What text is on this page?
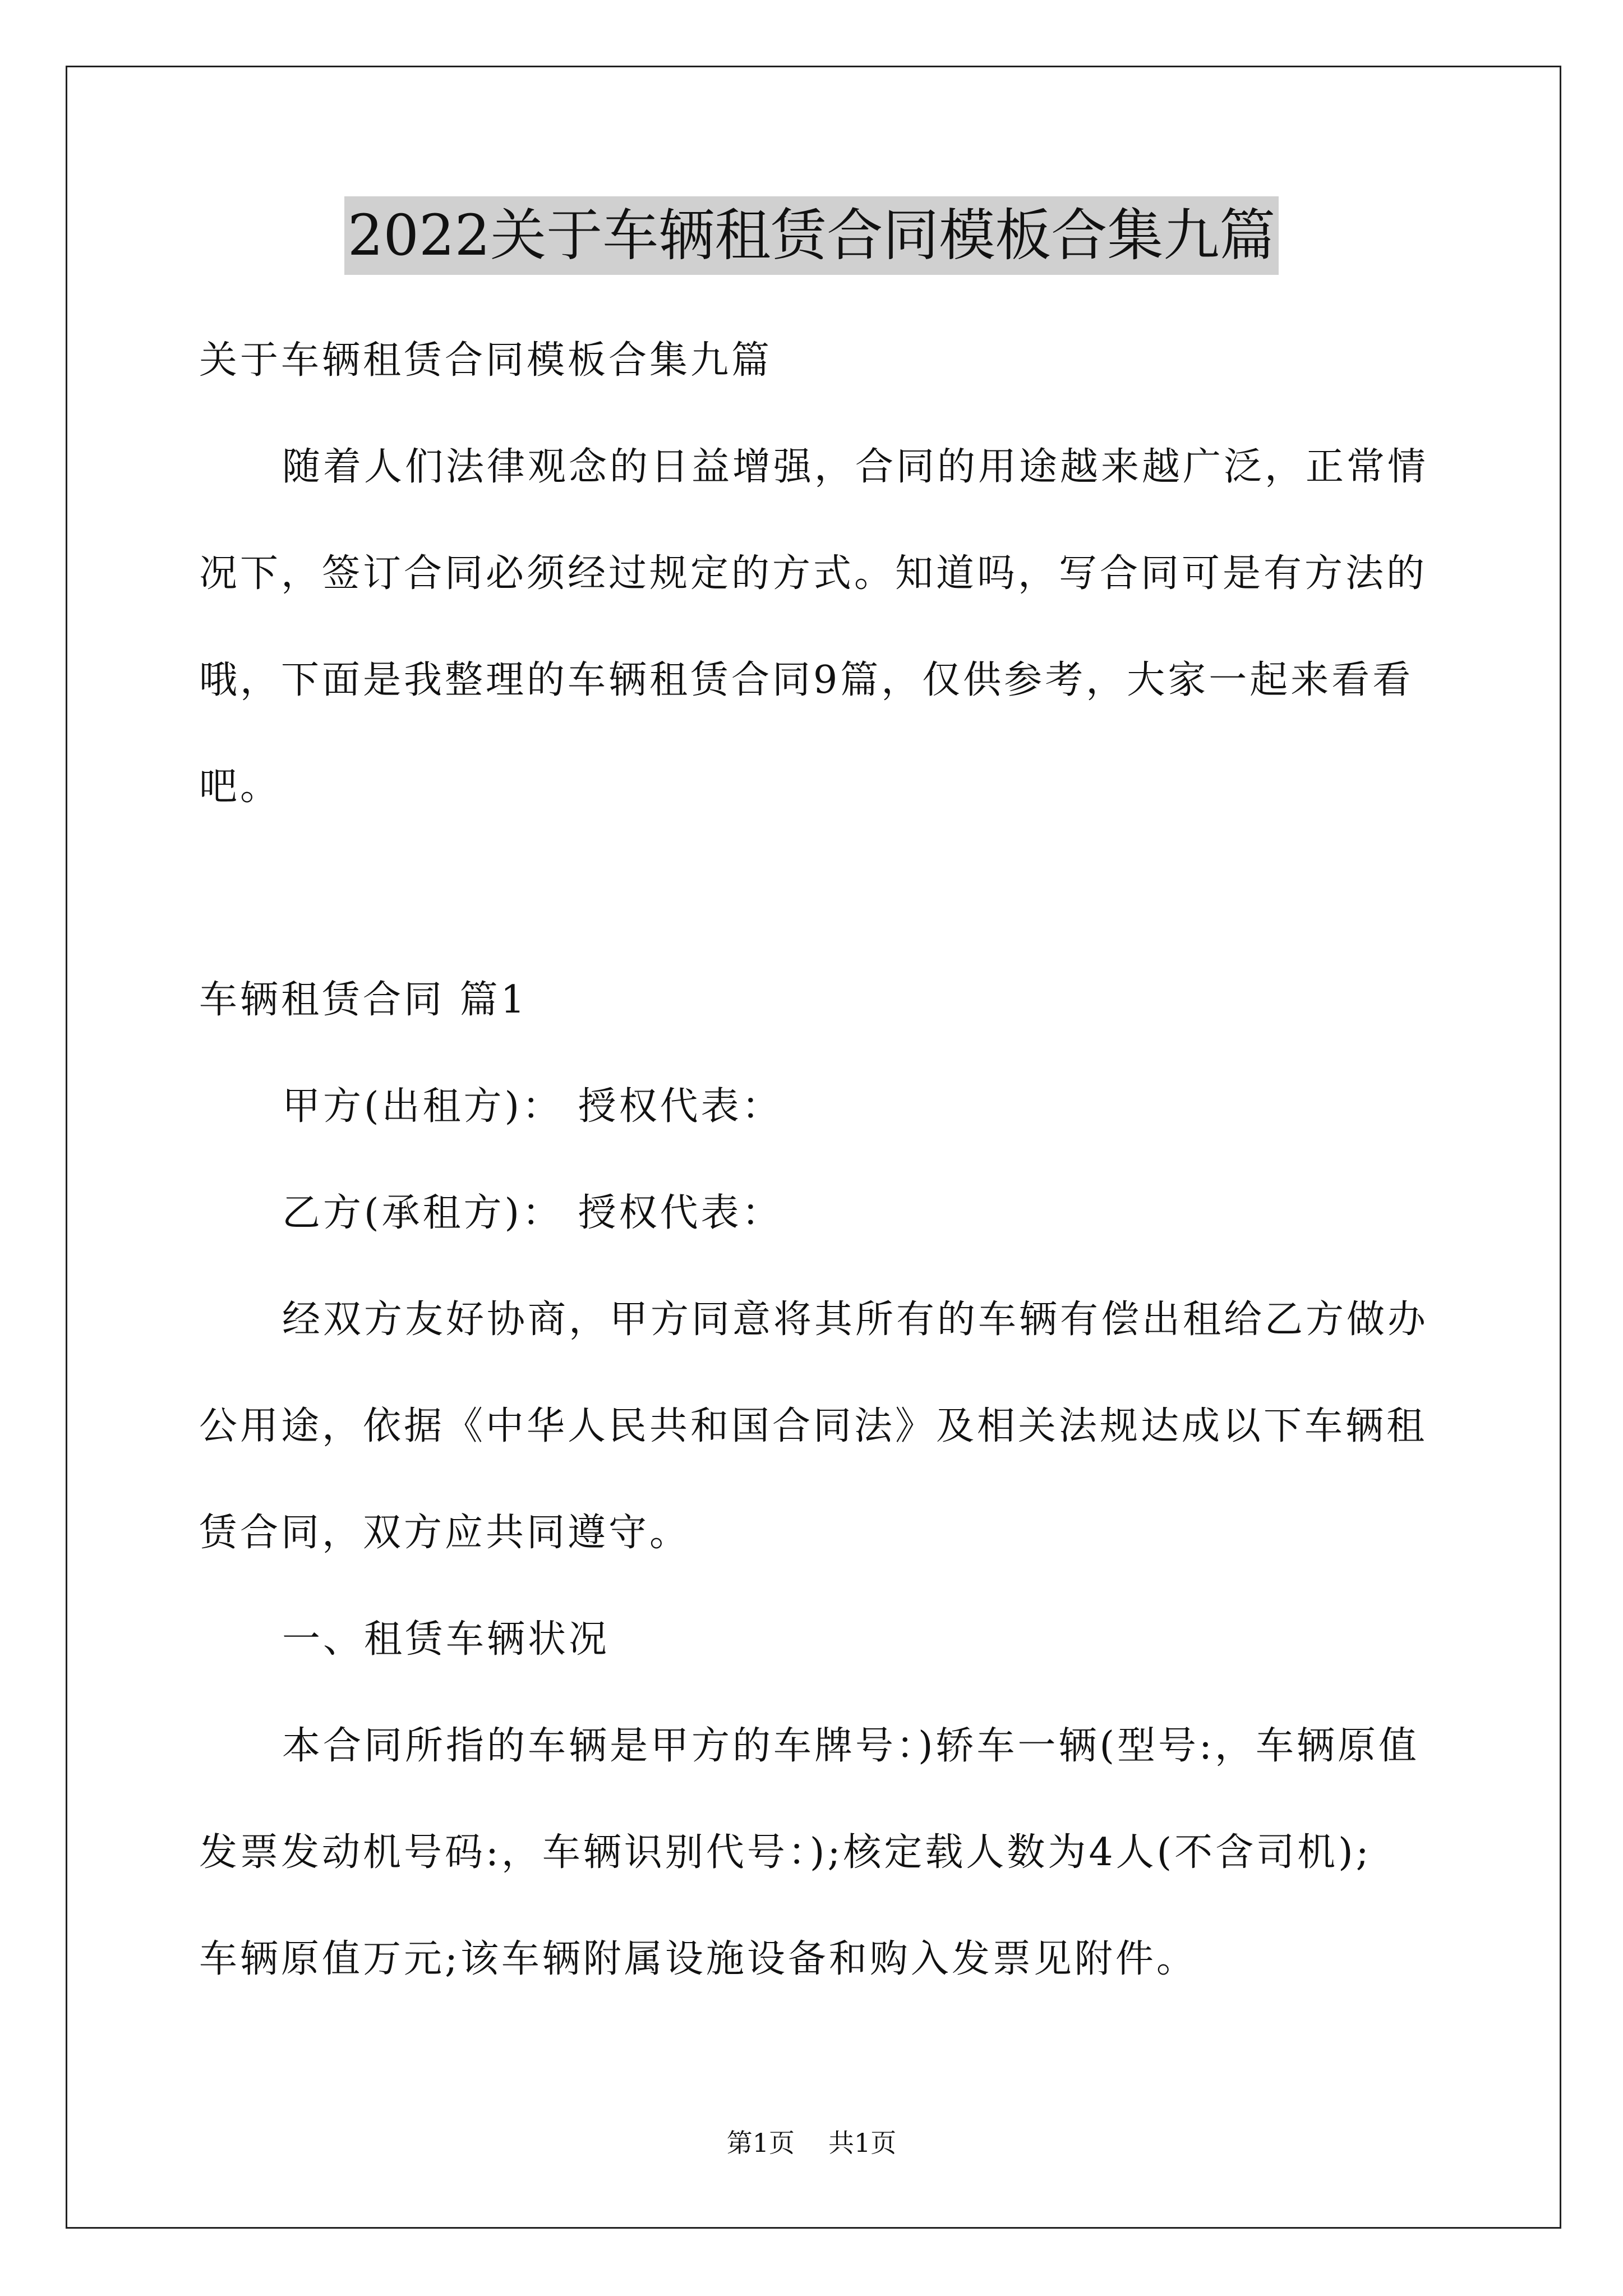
2022关于车辆租赁合同模板合集九篇
关于车辆租赁合同模板合集九篇
随着人们法律观念的日益增强，合同的用途越来越广泛，正常情
况下，签订合同必须经过规定的方式。知道吗，写合同可是有方法的
哦，下面是我整理的车辆租赁合同9篇，仅供参考，大家一起来看看
吧。
车辆租赁合同 篇1
甲方(出租方)： 授权代表：
乙方(承租方)： 授权代表：
经双方友好协商，甲方同意将其所有的车辆有偿出租给乙方做办
公用途，依据《中华人民共和国合同法》及相关法规达成以下车辆租
赁合同，双方应共同遵守。
一、租赁车辆状况
本合同所指的车辆是甲方的车牌号：)轿车一辆(型号:，车辆原值
发票发动机号码:，车辆识别代号：);核定载人数为4人(不含司机);
车辆原值万元;该车辆附属设施设备和购入发票见附件。
第1页 共1页
